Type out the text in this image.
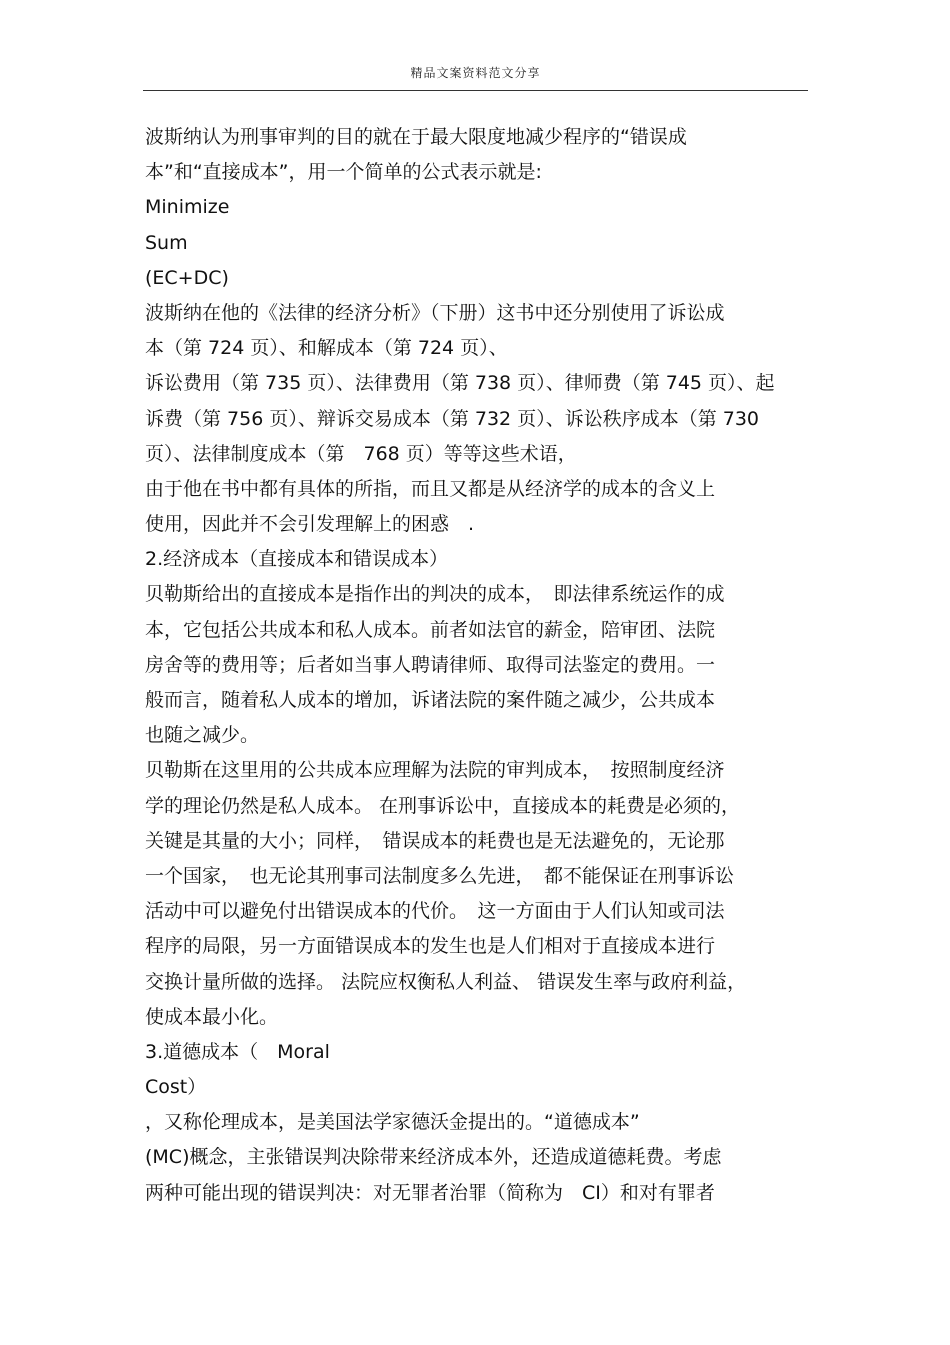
精品文案资料范文分享
波斯纳认为刑事审判的目的就在于最大限度地减少程序的“错误成
本”和“直接成本”，用一个简单的公式表示就是:
Minimize
Sum
(EC+DC)
波斯纳在他的《法律的经济分析》（下册）这书中还分别使用了诉讼成
本（第 724 页）、和解成本（第 724 页）、
诉讼费用（第 735 页）、法律费用（第 738 页）、律师费（第 745 页）、起
诉费（第 756 页）、辩诉交易成本（第 732 页）、诉讼秩序成本（第 730
页）、法律制度成本（第　768 页）等等这些术语，
由于他在书中都有具体的所指，而且又都是从经济学的成本的含义上
使用，因此并不会引发理解上的困惑　.
2.经济成本（直接成本和错误成本）
贝勒斯给出的直接成本是指作出的判决的成本，　即法律系统运作的成
本，它包括公共成本和私人成本。前者如法官的薪金，陪审团、法院
房舍等的费用等；后者如当事人聘请律师、取得司法鉴定的费用。一
般而言，随着私人成本的增加，诉诸法院的案件随之减少，公共成本
也随之减少。
贝勒斯在这里用的公共成本应理解为法院的审判成本，　按照制度经济
学的理论仍然是私人成本。 在刑事诉讼中，直接成本的耗费是必须的，
关键是其量的大小；同样，　错误成本的耗费也是无法避免的，无论那
一个国家，　也无论其刑事司法制度多么先进，　都不能保证在刑事诉讼
活动中可以避免付出错误成本的代价。　这一方面由于人们认知或司法
程序的局限，另一方面错误成本的发生也是人们相对于直接成本进行
交换计量所做的选择。 法院应权衡私人利益、 错误发生率与政府利益，
使成本最小化。
3.道德成本（　Moral
Cost）
，又称伦理成本，是美国法学家德沃金提出的。“道德成本”
(MC)概念，主张错误判决除带来经济成本外，还造成道德耗费。考虑
两种可能出现的错误判决：对无罪者治罪（简称为　CI）和对有罪者
